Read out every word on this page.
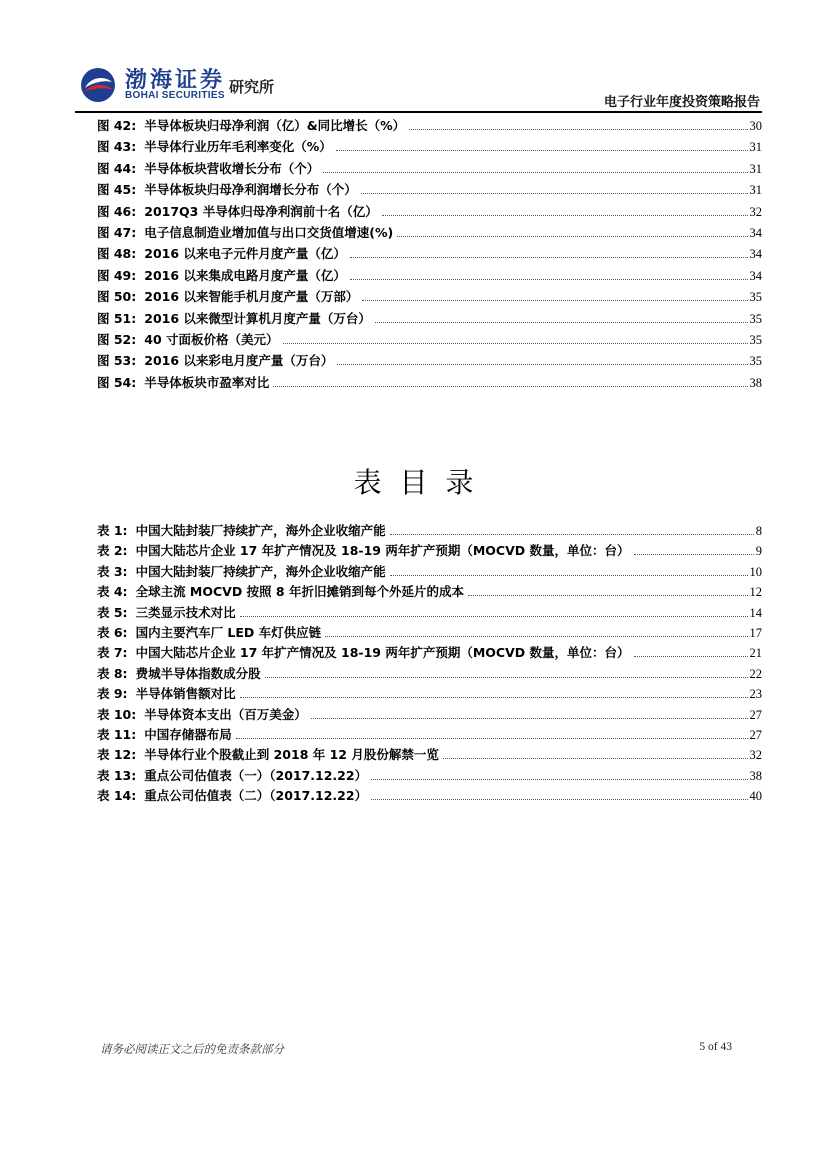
渤海证券
BOHAI SECURITIES 研究所
电子行业年度投资策略报告
图 42: 半导体板块归母净利润（亿）&同比增长（%）	30
图 43: 半导体行业历年毛利率变化（%）	31
图 44: 半导体板块营收增长分布（个）	31
图 45: 半导体板块归母净利润增长分布（个）	31
图 46: 2017Q3 半导体归母净利润前十名（亿）	32
图 47: 电子信息制造业增加值与出口交货值增速(%)	34
图 48: 2016 以来电子元件月度产量（亿）	34
图 49: 2016 以来集成电路月度产量（亿）	34
图 50: 2016 以来智能手机月度产量（万部）	35
图 51: 2016 以来微型计算机月度产量（万台）	35
图 52: 40 寸面板价格（美元）	35
图 53: 2016 以来彩电月度产量（万台）	35
图 54: 半导体板块市盈率对比	38
表目录
表 1: 中国大陆封装厂持续扩产，海外企业收缩产能	8
表 2: 中国大陆芯片企业 17 年扩产情况及 18-19 两年扩产预期（MOCVD 数量，单位：台）	9
表 3: 中国大陆封装厂持续扩产，海外企业收缩产能	10
表 4: 全球主流 MOCVD 按照 8 年折旧摊销到每个外延片的成本	12
表 5: 三类显示技术对比	14
表 6: 国内主要汽车厂 LED 车灯供应链	17
表 7: 中国大陆芯片企业 17 年扩产情况及 18-19 两年扩产预期（MOCVD 数量，单位：台）	21
表 8: 费城半导体指数成分股	22
表 9: 半导体销售额对比	23
表 10: 半导体资本支出（百万美金）	27
表 11: 中国存储器布局	27
表 12: 半导体行业个股截止到 2018 年 12 月股份解禁一览	32
表 13: 重点公司估值表（一）（2017.12.22）	38
表 14: 重点公司估值表（二）（2017.12.22）	40
请务必阅读正文之后的免责条款部分	5 of 43
